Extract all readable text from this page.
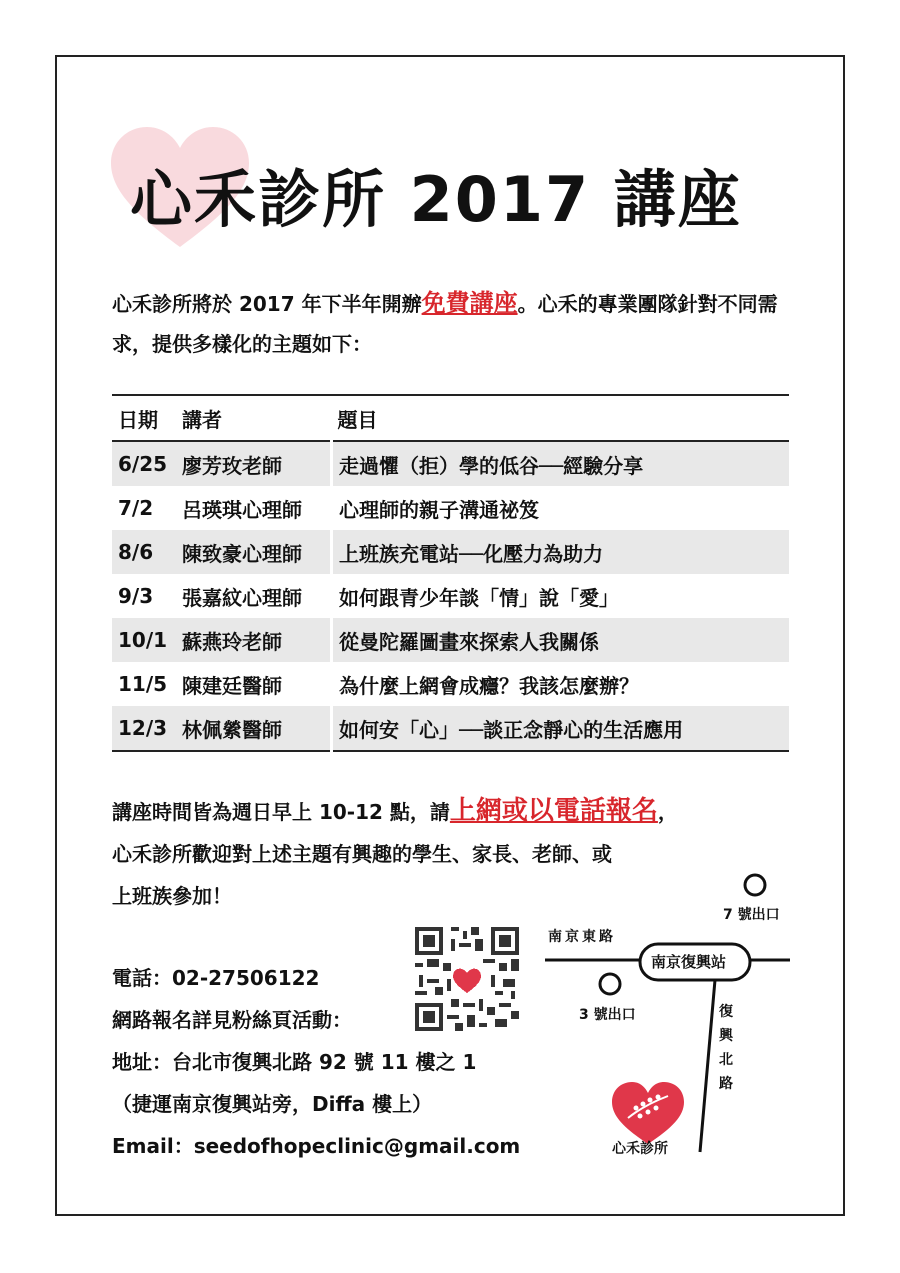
心禾診所 2017 講座
心禾診所將於 2017 年下半年開辦免費講座。心禾的專業團隊針對不同需求，提供多樣化的主題如下：
日期	講者	題目
6/25	廖芳玫老師	走過懼（拒）學的低谷──經驗分享
7/2	呂瑛琪心理師	心理師的親子溝通祕笈
8/6	陳致豪心理師	上班族充電站──化壓力為助力
9/3	張嘉紋心理師	如何跟青少年談「情」說「愛」
10/1	蘇燕玲老師	從曼陀羅圖畫來探索人我關係
11/5	陳建廷醫師	為什麼上網會成癮？我該怎麼辦？
12/3	林佩縈醫師	如何安「心」──談正念靜心的生活應用
講座時間皆為週日早上 10-12 點，請上網或以電話報名，
心禾診所歡迎對上述主題有興趣的學生、家長、老師、或
上班族參加！
電話：02-27506122
網路報名詳見粉絲頁活動：
地址：台北市復興北路 92 號 11 樓之 1
（捷運南京復興站旁，Diffa 樓上）
Email：seedofhopeclinic@gmail.com
7 號出口
南京東路
南京復興站
3 號出口	復興北路
心禾診所
